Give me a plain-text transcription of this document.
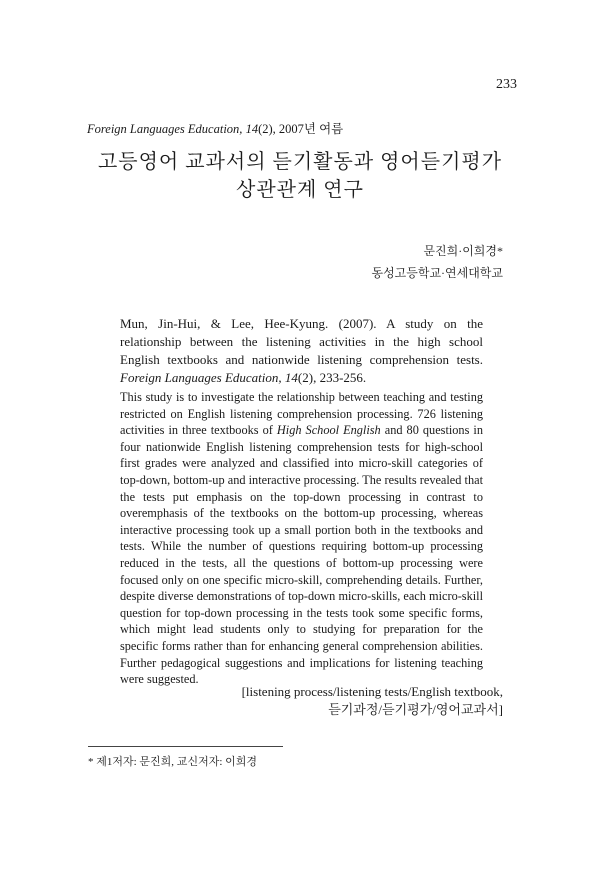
233
Foreign Languages Education, 14(2), 2007년 여름
고등영어 교과서의 듣기활동과 영어듣기평가
상관관계 연구
문진희·이희경*
동성고등학교·연세대학교
Mun, Jin-Hui, & Lee, Hee-Kyung. (2007). A study on the relationship between the listening activities in the high school English textbooks and nationwide listening comprehension tests. Foreign Languages Education, 14(2), 233-256.
This study is to investigate the relationship between teaching and testing restricted on English listening comprehension processing. 726 listening activities in three textbooks of High School English and 80 questions in four nationwide English listening comprehension tests for high-school first grades were analyzed and classified into micro-skill categories of top-down, bottom-up and interactive processing. The results revealed that the tests put emphasis on the top-down processing in contrast to overemphasis of the textbooks on the bottom-up processing, whereas interactive processing took up a small portion both in the textbooks and tests. While the number of questions requiring bottom-up processing reduced in the tests, all the questions of bottom-up processing were focused only on one specific micro-skill, comprehending details. Further, despite diverse demonstrations of top-down micro-skills, each micro-skill question for top-down processing in the tests took some specific forms, which might lead students only to studying for preparation for the specific forms rather than for enhancing general comprehension abilities. Further pedagogical suggestions and implications for listening teaching were suggested.
[listening process/listening tests/English textbook,
듣기과정/듣기평가/영어교과서]
* 제1저자: 문진희, 교신저자: 이희경
